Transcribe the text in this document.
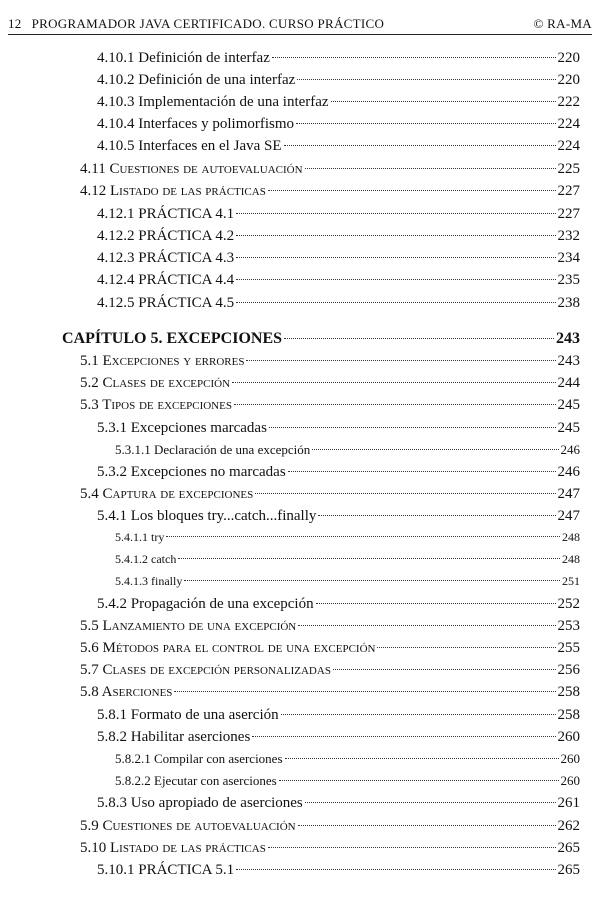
12 PROGRAMADOR JAVA CERTIFICADO. CURSO PRÁCTICO	© RA-MA
4.10.1 Definición de interfaz	220
4.10.2 Definición de una interfaz	220
4.10.3 Implementación de una interfaz	222
4.10.4 Interfaces y polimorfismo	224
4.10.5 Interfaces en el Java SE	224
4.11 Cuestiones de autoevaluación	225
4.12 Listado de las prácticas	227
4.12.1 PRÁCTICA 4.1	227
4.12.2 PRÁCTICA 4.2	232
4.12.3 PRÁCTICA 4.3	234
4.12.4 PRÁCTICA 4.4	235
4.12.5 PRÁCTICA 4.5	238
CAPÍTULO 5. EXCEPCIONES	243
5.1 Excepciones y errores	243
5.2 Clases de excepción	244
5.3 Tipos de excepciones	245
5.3.1 Excepciones marcadas	245
5.3.1.1 Declaración de una excepción	246
5.3.2 Excepciones no marcadas	246
5.4 Captura de excepciones	247
5.4.1 Los bloques try...catch...finally	247
5.4.1.1 try	248
5.4.1.2 catch	248
5.4.1.3 finally	251
5.4.2 Propagación de una excepción	252
5.5 Lanzamiento de una excepción	253
5.6 Métodos para el control de una excepción	255
5.7 Clases de excepción personalizadas	256
5.8 Aserciones	258
5.8.1 Formato de una aserción	258
5.8.2 Habilitar aserciones	260
5.8.2.1 Compilar con aserciones	260
5.8.2.2 Ejecutar con aserciones	260
5.8.3 Uso apropiado de aserciones	261
5.9 Cuestiones de autoevaluación	262
5.10 Listado de las prácticas	265
5.10.1 PRÁCTICA 5.1	265
